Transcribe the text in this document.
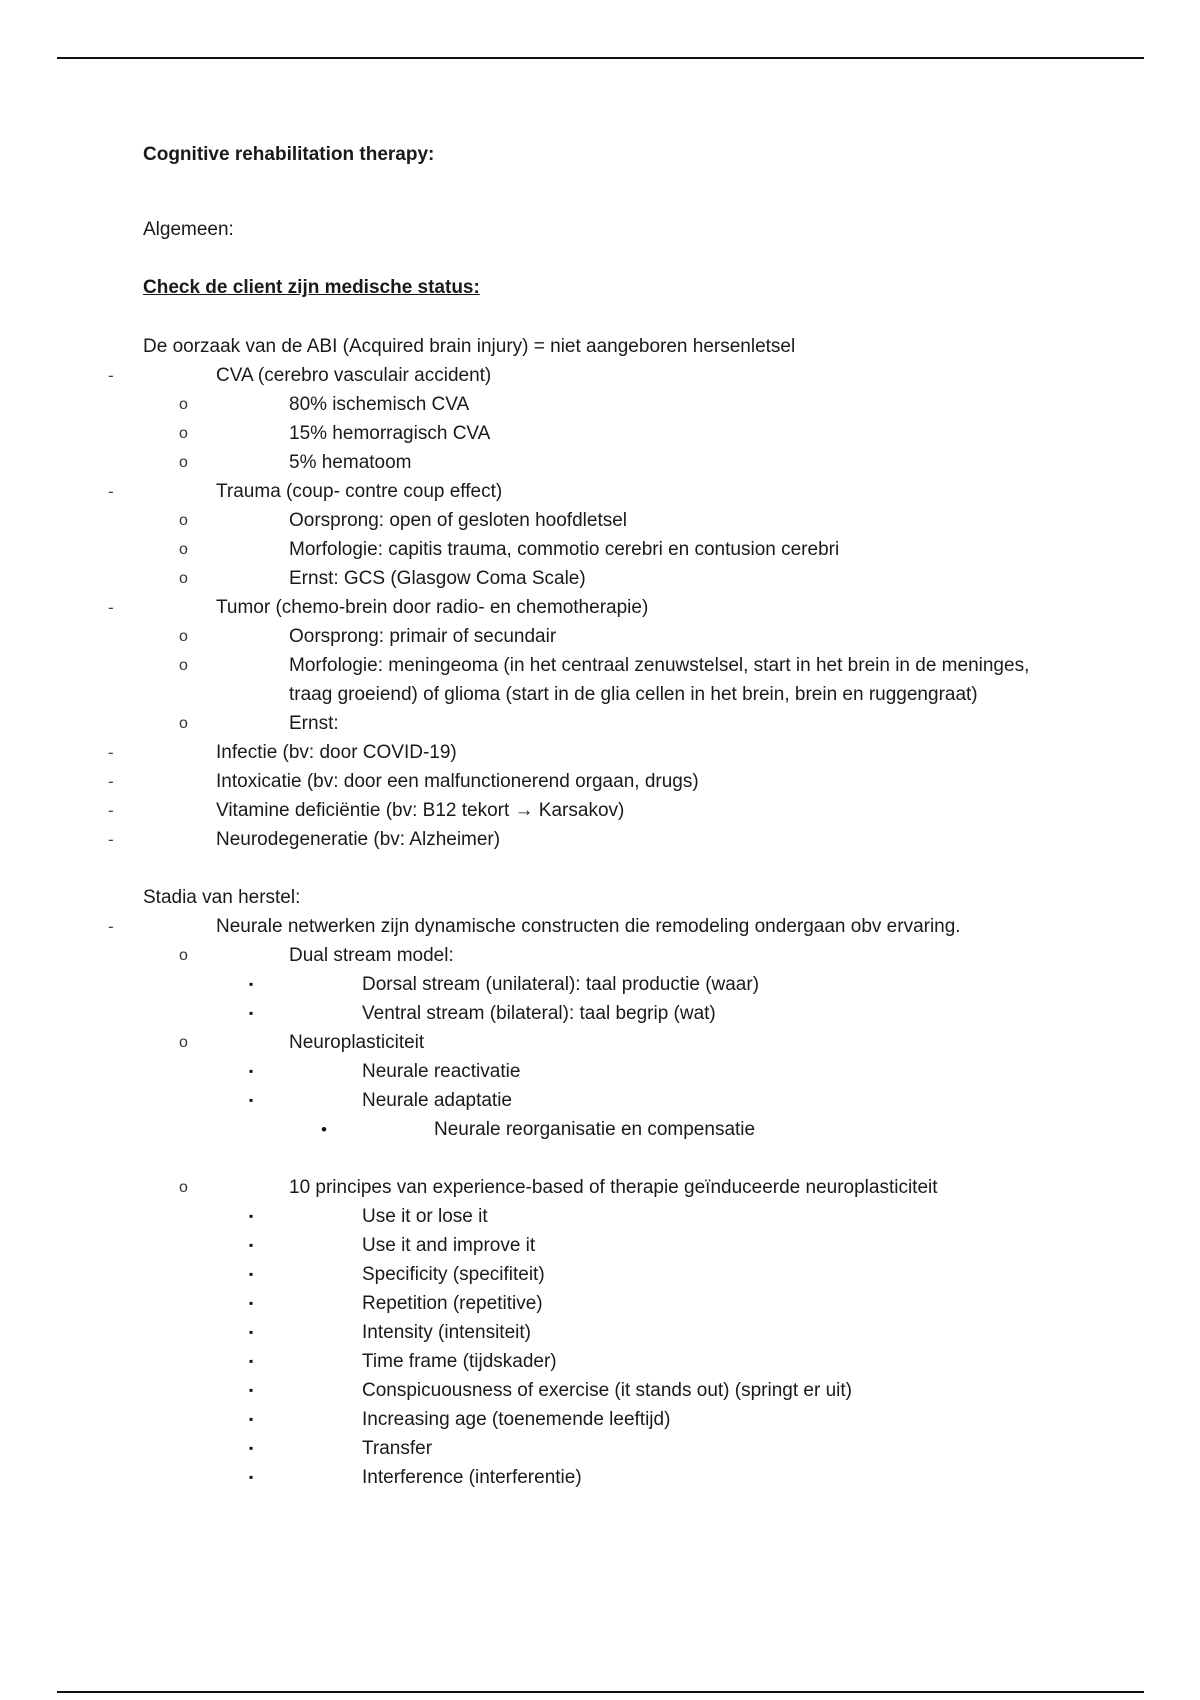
Cognitive rehabilitation therapy:

Algemeen:
Check de client zijn medische status:
De oorzaak van de ABI (Acquired brain injury) = niet aangeboren hersenletsel
-	CVA (cerebro vasculair accident)
o	80% ischemisch CVA
o	15% hemorragisch CVA
o	5% hematoom
-	Trauma (coup- contre coup effect)
o	Oorsprong: open of gesloten hoofdletsel
o	Morfologie: capitis trauma, commotio cerebri en contusion cerebri
o	Ernst: GCS (Glasgow Coma Scale)
-	Tumor (chemo-brein door radio- en chemotherapie)
o	Oorsprong: primair of secundair
o	Morfologie: meningeoma (in het centraal zenuwstelsel, start in het brein in de meninges, traag groeiend) of glioma (start in de glia cellen in het brein, brein en ruggengraat)
o	Ernst:
-	Infectie (bv: door COVID-19)
-	Intoxicatie (bv: door een malfunctionerend orgaan, drugs)
-	Vitamine deficiëntie (bv: B12 tekort → Karsakov)
-	Neurodegeneratie (bv: Alzheimer)
Stadia van herstel:
-	Neurale netwerken zijn dynamische constructen die remodeling ondergaan obv ervaring.
o	Dual stream model:
▪	Dorsal stream (unilateral): taal productie (waar)
▪	Ventral stream (bilateral): taal begrip (wat)
o	Neuroplasticiteit
▪	Neurale reactivatie
▪	Neurale adaptatie
•	Neurale reorganisatie en compensatie
o	10 principes van experience-based of therapie geïnduceerde neuroplasticiteit
▪	Use it or lose it
▪	Use it and improve it
▪	Specificity (specifiteit)
▪	Repetition (repetitive)
▪	Intensity (intensiteit)
▪	Time frame (tijdskader)
▪	Conspicuousness of exercise (it stands out) (springt er uit)
▪	Increasing age (toenemende leeftijd)
▪	Transfer
▪	Interference (interferentie)
